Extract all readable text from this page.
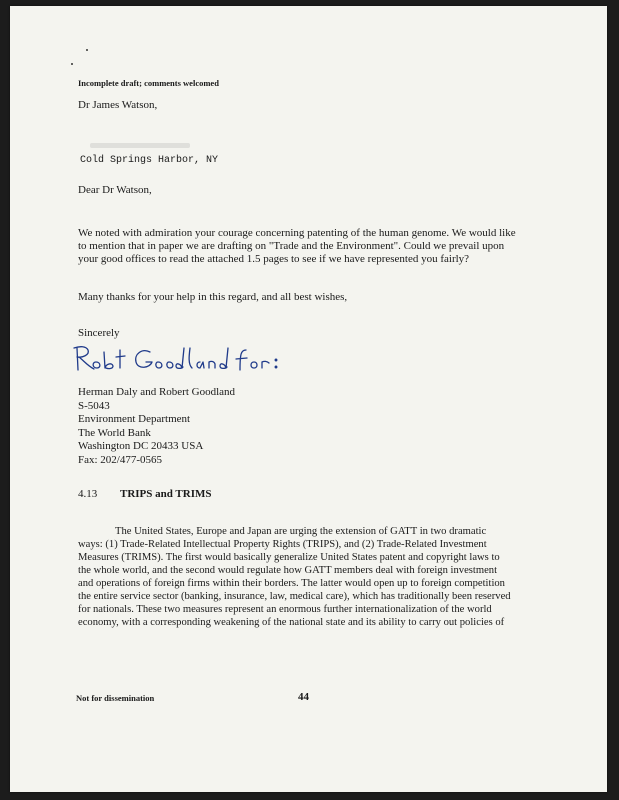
Incomplete draft; comments welcomed
Dr James Watson,
Cold Springs Harbor, NY
Dear Dr Watson,
We noted with admiration your courage concerning patenting of the human genome. We would like
to mention that in paper we are drafting on "Trade and the Environment". Could we prevail upon
your good offices to read the attached 1.5 pages to see if we have represented you fairly?
Many thanks for your help in this regard, and all best wishes,
Sincerely
Herman Daly and Robert Goodland
S-5043
Environment Department
The World Bank
Washington DC 20433 USA
Fax: 202/477-0565
4.13 TRIPS and TRIMS
The United States, Europe and Japan are urging the extension of GATT in two dramatic
ways: (1) Trade-Related Intellectual Property Rights (TRIPS), and (2) Trade-Related Investment
Measures (TRIMS). The first would basically generalize United States patent and copyright laws to
the whole world, and the second would regulate how GATT members deal with foreign investment
and operations of foreign firms within their borders. The latter would open up to foreign competition
the entire service sector (banking, insurance, law, medical care), which has traditionally been reserved
for nationals. These two measures represent an enormous further internationalization of the world
economy, with a corresponding weakening of the national state and its ability to carry out policies of
Not for dissemination	44
